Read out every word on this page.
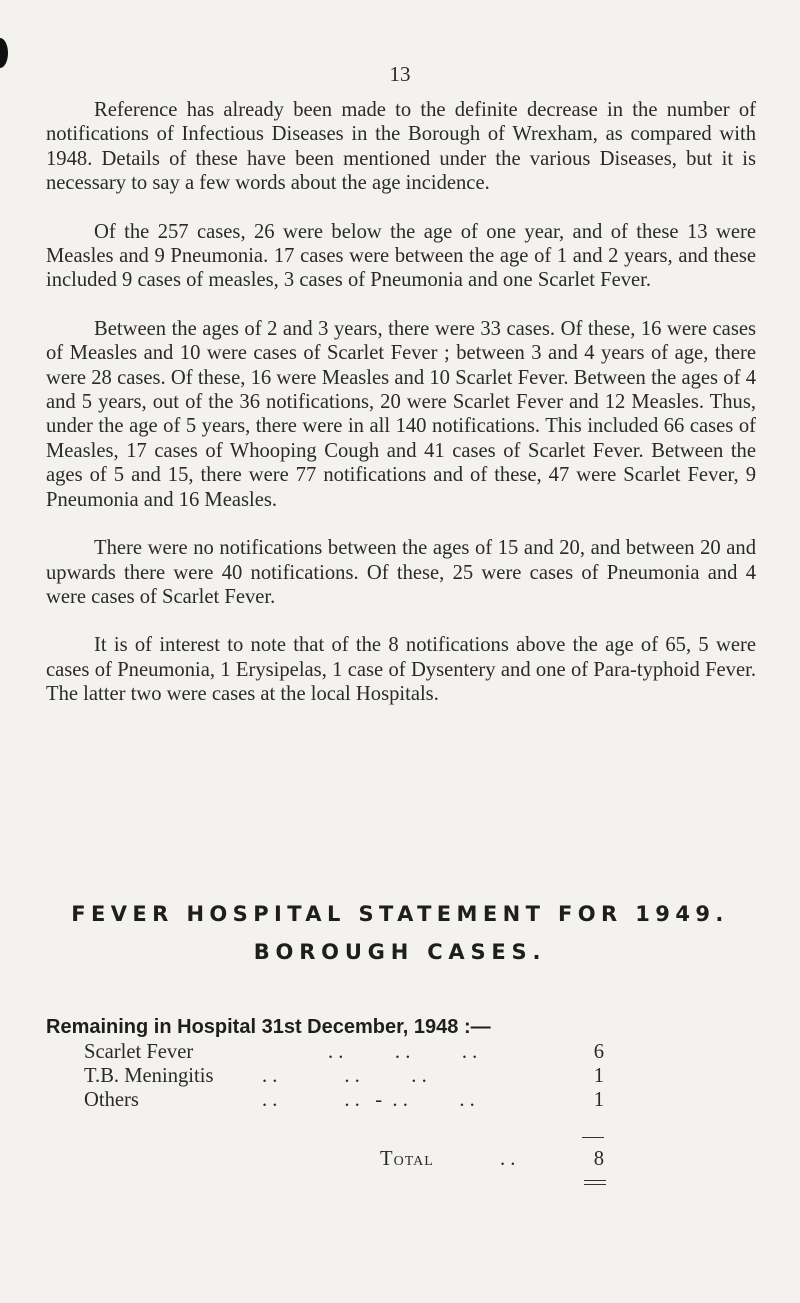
13

Reference has already been made to the definite decrease in the number of notifications of Infectious Diseases in the Borough of Wrexham, as compared with 1948. Details of these have been mentioned under the various Diseases, but it is necessary to say a few words about the age incidence.

Of the 257 cases, 26 were below the age of one year, and of these 13 were Measles and 9 Pneumonia. 17 cases were between the age of 1 and 2 years, and these included 9 cases of measles, 3 cases of Pneumonia and one Scarlet Fever.

Between the ages of 2 and 3 years, there were 33 cases. Of these, 16 were cases of Measles and 10 were cases of Scarlet Fever ; between 3 and 4 years of age, there were 28 cases. Of these, 16 were Measles and 10 Scarlet Fever. Between the ages of 4 and 5 years, out of the 36 notifications, 20 were Scarlet Fever and 12 Measles. Thus, under the age of 5 years, there were in all 140 notifications. This included 66 cases of Measles, 17 cases of Whooping Cough and 41 cases of Scarlet Fever. Between the ages of 5 and 15, there were 77 notifications and of these, 47 were Scarlet Fever, 9 Pneumonia and 16 Measles.

There were no notifications between the ages of 15 and 20, and between 20 and upwards there were 40 notifications. Of these, 25 were cases of Pneumonia and 4 were cases of Scarlet Fever.

It is of interest to note that of the 8 notifications above the age of 65, 5 were cases of Pneumonia, 1 Erysipelas, 1 case of Dysentery and one of Para-typhoid Fever. The latter two were cases at the local Hospitals.

FEVER HOSPITAL STATEMENT FOR 1949.
BOROUGH CASES.
Remaining in Hospital 31st December, 1948 :—
Scarlet Fever	. .          . .          . .	6
T.B. Meningitis . .             . .          . .	1
Others	. .             . .   -  . .          . .	1
Total	. .	8
